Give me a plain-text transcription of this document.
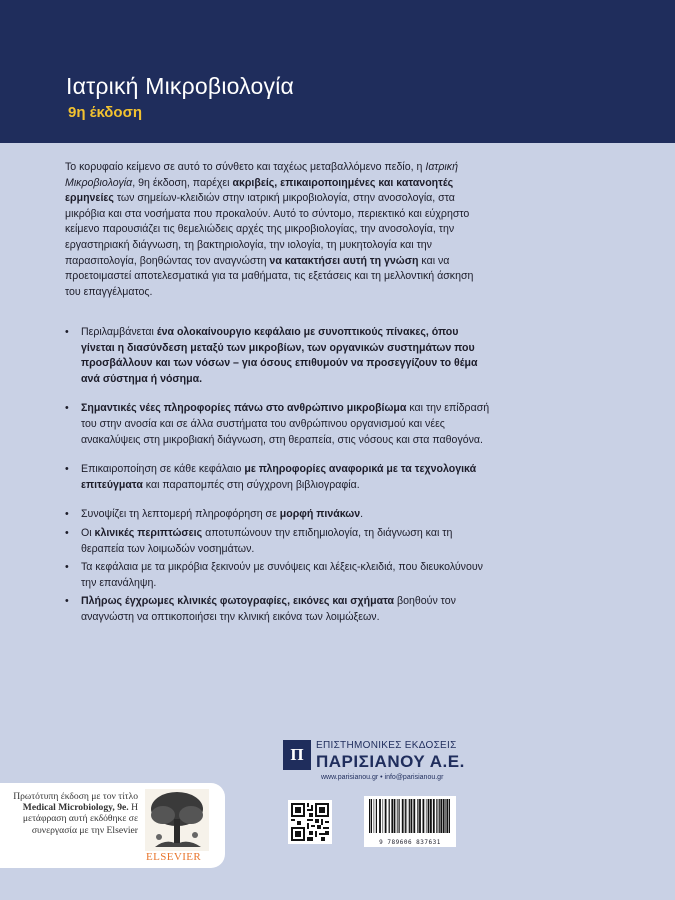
Ιατρική Μικροβιολογία
9η έκδοση

Το κορυφαίο κείμενο σε αυτό το σύνθετο και ταχέως μεταβαλλόμενο πεδίο, η Ιατρική Μικροβιολογία, 9η έκδοση, παρέχει ακριβείς, επικαιροποιημένες και κατανοητές ερμηνείες των σημείων-κλειδιών στην ιατρική μικροβιολογία, στην ανοσολογία, στα μικρόβια και στα νοσήματα που προκαλούν. Αυτό το σύντομο, περιεκτικό και εύχρηστο κείμενο παρουσιάζει τις θεμελιώδεις αρχές της μικροβιολογίας, την ανοσολογία, την εργαστηριακή διάγνωση, τη βακτηριολογία, την ιολογία, τη μυκητολογία και την παρασιτολογία, βοηθώντας τον αναγνώστη να κατακτήσει αυτή τη γνώση και να προετοιμαστεί αποτελεσματικά για τα μαθήματα, τις εξετάσεις και τη μελλοντική άσκηση του επαγγέλματος.

• Περιλαμβάνεται ένα ολοκαίνουργιο κεφάλαιο με συνοπτικούς πίνακες, όπου γίνεται η διασύνδεση μεταξύ των μικροβίων, των οργανικών συστημάτων που προσβάλλουν και των νόσων – για όσους επιθυμούν να προσεγγίζουν το θέμα ανά σύστημα ή νόσημα.
• Σημαντικές νέες πληροφορίες πάνω στο ανθρώπινο μικροβίωμα και την επίδρασή του στην ανοσία και σε άλλα συστήματα του ανθρώπινου οργανισμού και νέες ανακαλύψεις στη μικροβιακή διάγνωση, στη θεραπεία, στις νόσους και στα παθογόνα.
• Επικαιροποίηση σε κάθε κεφάλαιο με πληροφορίες αναφορικά με τα τεχνολογικά επιτεύγματα και παραπομπές στη σύγχρονη βιβλιογραφία.
• Συνοψίζει τη λεπτομερή πληροφόρηση σε μορφή πινάκων.
• Οι κλινικές περιπτώσεις αποτυπώνουν την επιδημιολογία, τη διάγνωση και τη θεραπεία των λοιμωδών νοσημάτων.
• Τα κεφάλαια με τα μικρόβια ξεκινούν με συνόψεις και λέξεις-κλειδιά, που διευκολύνουν την επανάληψη.
• Πλήρως έγχρωμες κλινικές φωτογραφίες, εικόνες και σχήματα βοηθούν τον αναγνώστη να οπτικοποιήσει την κλινική εικόνα των λοιμώξεων.
Π	ΕΠΙΣΤΗΜΟΝΙΚΕΣ ΕΚΔΟΣΕΙΣ
ΠΑΡΙΣΙΑΝΟΥ Α.Ε.
www.parisianou.gr • info@parisianou.gr
Πρωτότυπη έκδοση με τον τίτλο Medical Microbiology, 9e. Η μετάφραση αυτή εκδόθηκε σε συνεργασία με την Elsevier
ELSEVIER
9 789606 837631
